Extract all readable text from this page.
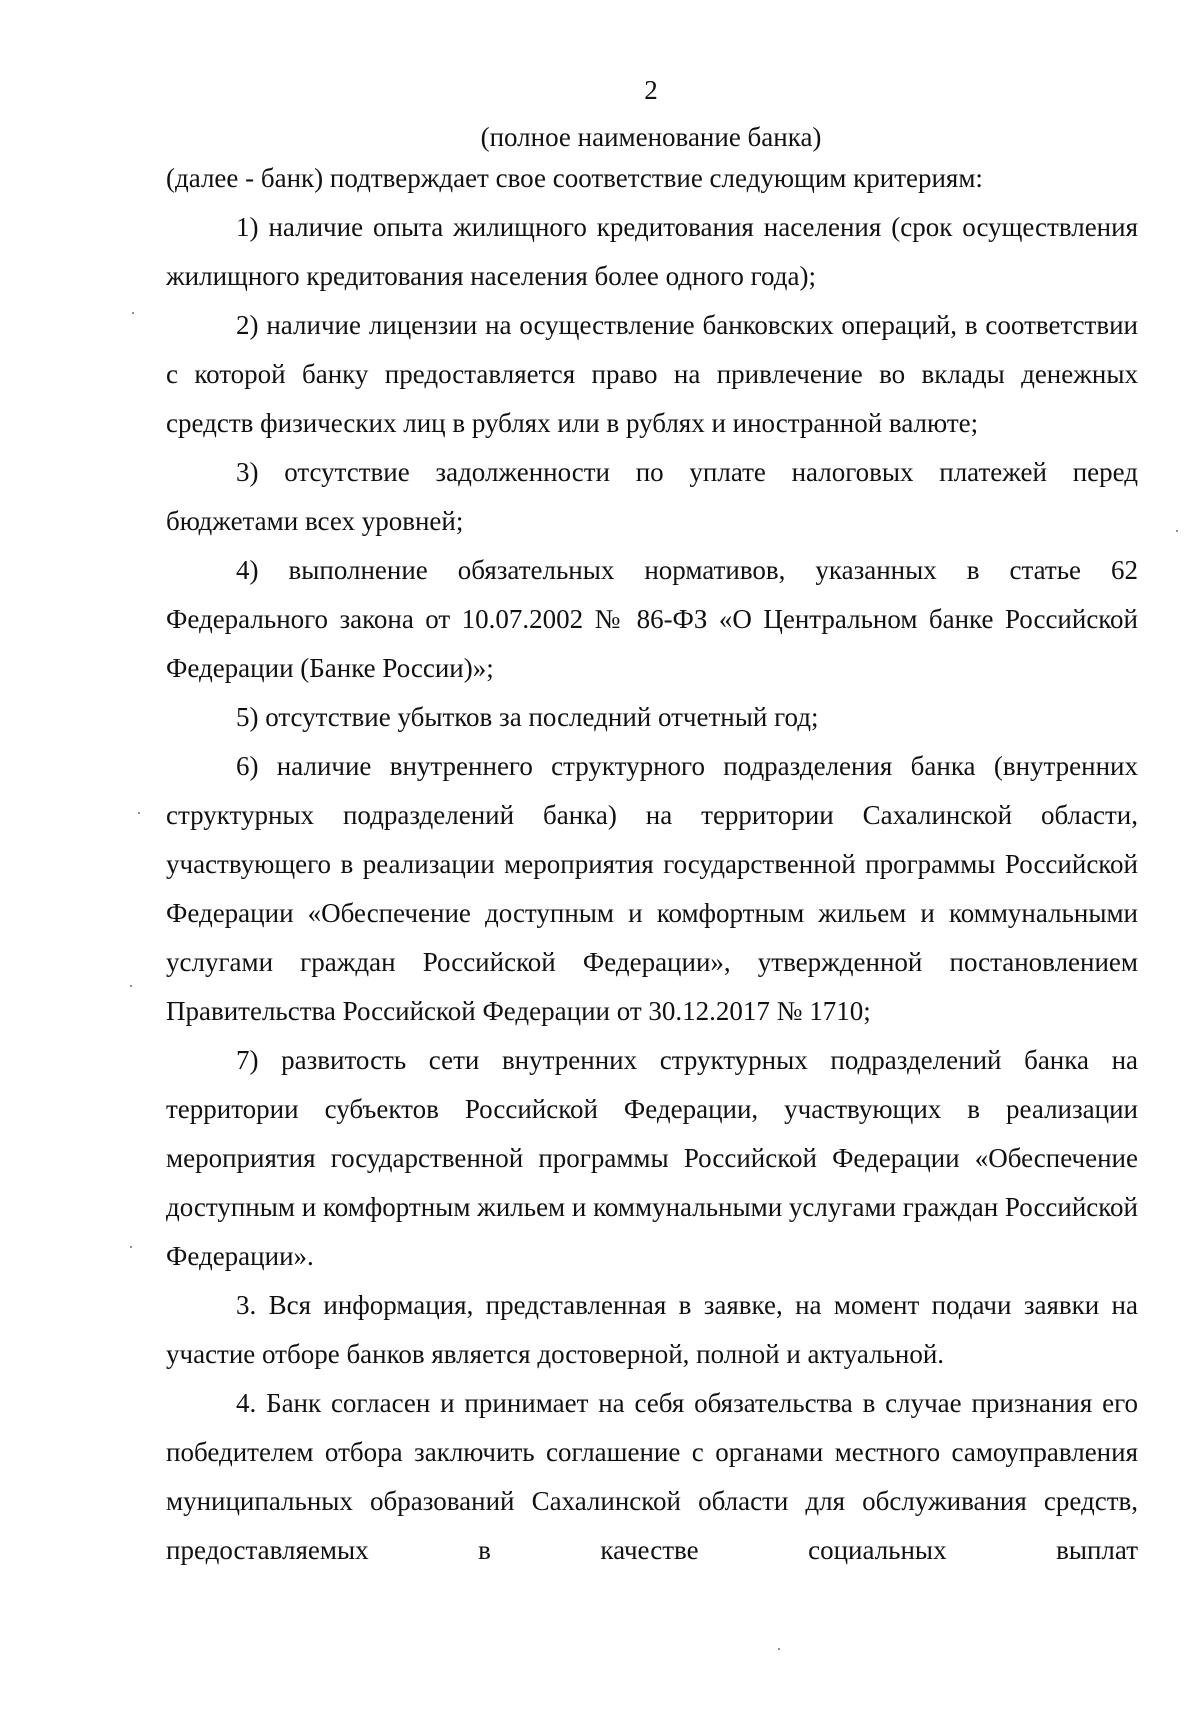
2
(полное наименование банка)

(далее - банк) подтверждает свое соответствие следующим критериям:

1) наличие опыта жилищного кредитования населения (срок осуществления жилищного кредитования населения более одного года);

2) наличие лицензии на осуществление банковских операций, в соответствии с которой банку предоставляется право на привлечение во вклады денежных средств физических лиц в рублях или в рублях и иностранной валюте;

3) отсутствие задолженности по уплате налоговых платежей перед бюджетами всех уровней;

4) выполнение обязательных нормативов, указанных в статье 62 Федерального закона от 10.07.2002 № 86-ФЗ «О Центральном банке Российской Федерации (Банке России)»;

5) отсутствие убытков за последний отчетный год;

6) наличие внутреннего структурного подразделения банка (внутренних структурных подразделений банка) на территории Сахалинской области, участвующего в реализации мероприятия государственной программы Российской Федерации «Обеспечение доступным и комфортным жильем и коммунальными услугами граждан Российской Федерации», утвержденной постановлением Правительства Российской Федерации от 30.12.2017 № 1710;

7) развитость сети внутренних структурных подразделений банка на территории субъектов Российской Федерации, участвующих в реализации мероприятия государственной программы Российской Федерации «Обеспечение доступным и комфортным жильем и коммунальными услугами граждан Российской Федерации».

3. Вся информация, представленная в заявке, на момент подачи заявки на участие отборе банков является достоверной, полной и актуальной.

4. Банк согласен и принимает на себя обязательства в случае признания его победителем отбора заключить соглашение с органами местного самоуправления муниципальных образований Сахалинской области для обслуживания средств, предоставляемых в качестве социальных выплат
